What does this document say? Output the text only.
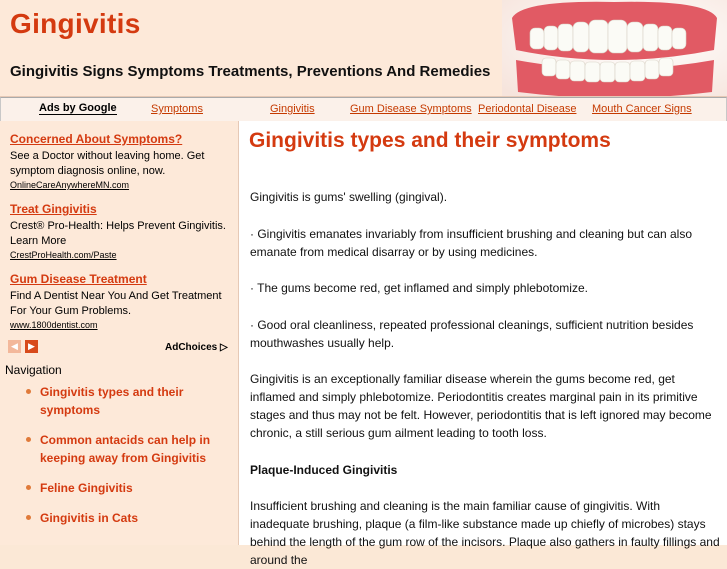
Gingivitis
Gingivitis Signs Symptoms Treatments, Preventions And Remedies
Ads by Google	Symptoms	Gingivitis	Gum Disease Symptoms Periodontal Disease Mouth Cancer Signs
Concerned About Symptoms?
See a Doctor without leaving home. Get symptom diagnosis online, now.
OnlineCareAnywhereMN.com
Treat Gingivitis
Crest® Pro-Health: Helps Prevent Gingivitis. Learn More
CrestProHealth.com/Paste
Gum Disease Treatment
Find A Dentist Near You And Get Treatment For Your Gum Problems.
www.1800dentist.com
◀	▶	AdChoices ▷
Navigation
Gingivitis types and their symptoms
Common antacids can help in keeping away from Gingivitis
Feline Gingivitis
Gingivitis in Cats
Gingivitis types and their symptoms

Gingivitis is gums' swelling (gingival).

· Gingivitis emanates invariably from insufficient brushing and cleaning but can also emanate from medical disarray or by using medicines.

· The gums become red, get inflamed and simply phlebotomize.

· Good oral cleanliness, repeated professional cleanings, sufficient nutrition besides mouthwashes usually help.

Gingivitis is an exceptionally familiar disease wherein the gums become red, get inflamed and simply phlebotomize. Periodontitis creates marginal pain in its primitive stages and thus may not be felt. However, periodontitis that is left ignored may become chronic, a still serious gum ailment leading to tooth loss.

Plaque-Induced Gingivitis

Insufficient brushing and cleaning is the main familiar cause of gingivitis. With inadequate brushing, plaque (a film-like substance made up chiefly of microbes) stays behind the length of the gum row of the incisors. Plaque also gathers in faulty fillings and around the
